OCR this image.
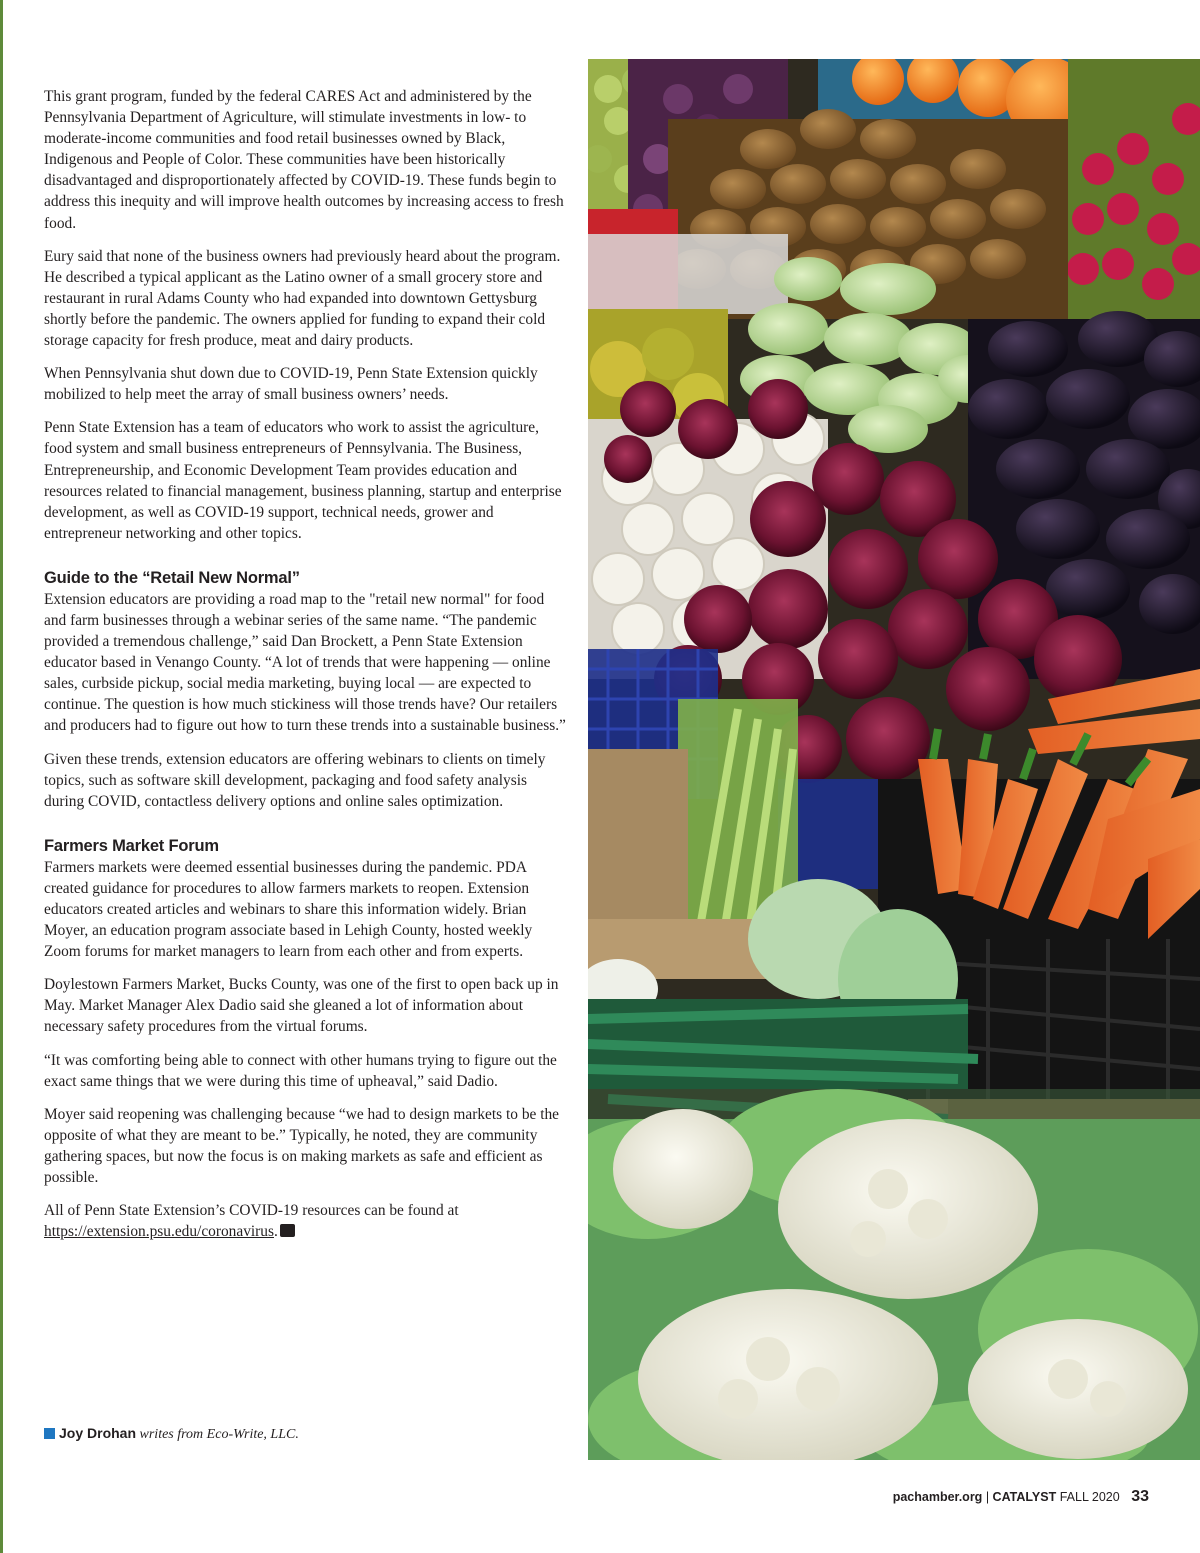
This grant program, funded by the federal CARES Act and administered by the Pennsylvania Department of Agriculture, will stimulate investments in low- to moderate-income communities and food retail businesses owned by Black, Indigenous and People of Color. These communities have been historically disadvantaged and disproportionately affected by COVID-19. These funds begin to address this inequity and will improve health outcomes by increasing access to fresh food.

Eury said that none of the business owners had previously heard about the program. He described a typical applicant as the Latino owner of a small grocery store and restaurant in rural Adams County who had expanded into downtown Gettysburg shortly before the pandemic. The owners applied for funding to expand their cold storage capacity for fresh produce, meat and dairy products.

When Pennsylvania shut down due to COVID-19, Penn State Extension quickly mobilized to help meet the array of small business owners’ needs.

Penn State Extension has a team of educators who work to assist the agriculture, food system and small business entrepreneurs of Pennsylvania. The Business, Entrepreneurship, and Economic Development Team provides education and resources related to financial management, business planning, startup and enterprise development, as well as COVID-19 support, technical needs, grower and entrepreneur networking and other topics.

Guide to the “Retail New Normal”

Extension educators are providing a road map to the "retail new normal" for food and farm businesses through a webinar series of the same name. “The pandemic provided a tremendous challenge,” said Dan Brockett, a Penn State Extension educator based in Venango County. “A lot of trends that were happening — online sales, curbside pickup, social media marketing, buying local — are expected to continue. The question is how much stickiness will those trends have? Our retailers and producers had to figure out how to turn these trends into a sustainable business.”

Given these trends, extension educators are offering webinars to clients on timely topics, such as software skill development, packaging and food safety analysis during COVID, contactless delivery options and online sales optimization.

Farmers Market Forum

Farmers markets were deemed essential businesses during the pandemic. PDA created guidance for procedures to allow farmers markets to reopen. Extension educators created articles and webinars to share this information widely. Brian Moyer, an education program associate based in Lehigh County, hosted weekly Zoom forums for market managers to learn from each other and from experts.

Doylestown Farmers Market, Bucks County, was one of the first to open back up in May. Market Manager Alex Dadio said she gleaned a lot of information about necessary safety procedures from the virtual forums.

“It was comforting being able to connect with other humans trying to figure out the exact same things that we were during this time of upheaval,” said Dadio.

Moyer said reopening was challenging because “we had to design markets to be the opposite of what they are meant to be.” Typically, he noted, they are community gathering spaces, but now the focus is on making markets as safe and efficient as possible.

All of Penn State Extension’s COVID-19 resources can be found at https://extension.psu.edu/coronavirus.

Joy Drohan writes from Eco-Write, LLC.
pachamber.org | CATALYST FALL 2020 33
